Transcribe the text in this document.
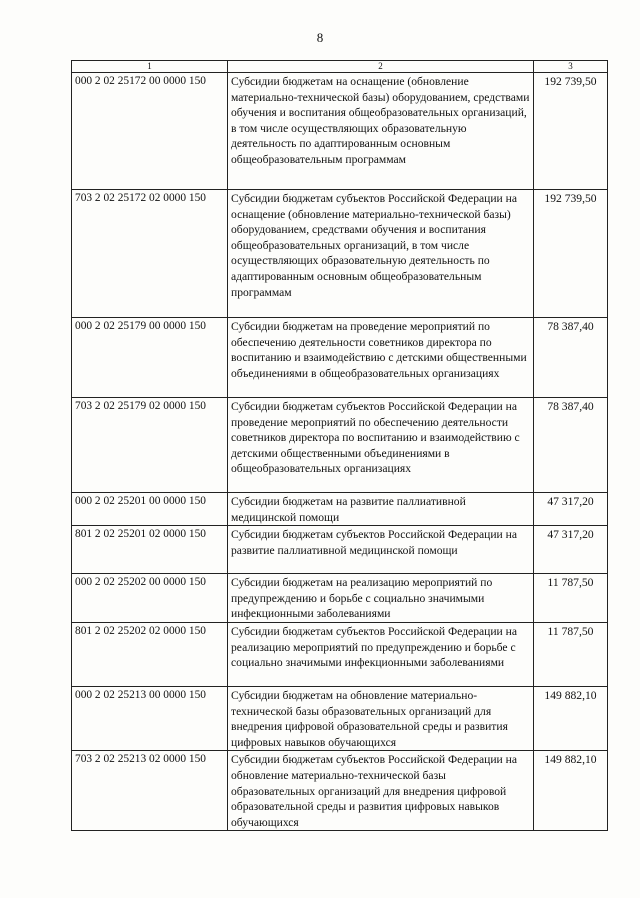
8
1	2	3
000 2 02 25172 00 0000 150	Субсидии бюджетам на оснащение (обновление материально-технической базы) оборудованием, средствами обучения и воспитания общеобразовательных организаций, в том числе осуществляющих образовательную деятельность по адаптированным основным общеобразовательным программам	192 739,50
703 2 02 25172 02 0000 150	Субсидии бюджетам субъектов Российской Федерации на оснащение (обновление материально-технической базы) оборудованием, средствами обучения и воспитания общеобразовательных организаций, в том числе осуществляющих образовательную деятельность по адаптированным основным общеобразовательным программам	192 739,50
000 2 02 25179 00 0000 150	Субсидии бюджетам на проведение мероприятий по обеспечению деятельности советников директора по воспитанию и взаимодействию с детскими общественными объединениями в общеобразовательных организациях	78 387,40
703 2 02 25179 02 0000 150	Субсидии бюджетам субъектов Российской Федерации на проведение мероприятий по обеспечению деятельности советников директора по воспитанию и взаимодействию с детскими общественными объединениями в общеобразовательных организациях	78 387,40
000 2 02 25201 00 0000 150	Субсидии бюджетам на развитие паллиативной медицинской помощи	47 317,20
801 2 02 25201 02 0000 150	Субсидии бюджетам субъектов Российской Федерации на развитие паллиативной медицинской помощи	47 317,20
000 2 02 25202 00 0000 150	Субсидии бюджетам на реализацию мероприятий по предупреждению и борьбе с социально значимыми инфекционными заболеваниями	11 787,50
801 2 02 25202 02 0000 150	Субсидии бюджетам субъектов Российской Федерации на реализацию мероприятий по предупреждению и борьбе с социально значимыми инфекционными заболеваниями	11 787,50
000 2 02 25213 00 0000 150	Субсидии бюджетам на обновление материально-технической базы образовательных организаций для внедрения цифровой образовательной среды и развития цифровых навыков обучающихся	149 882,10
703 2 02 25213 02 0000 150	Субсидии бюджетам субъектов Российской Федерации на обновление материально-технической базы образовательных организаций для внедрения цифровой образовательной среды и развития цифровых навыков обучающихся	149 882,10
